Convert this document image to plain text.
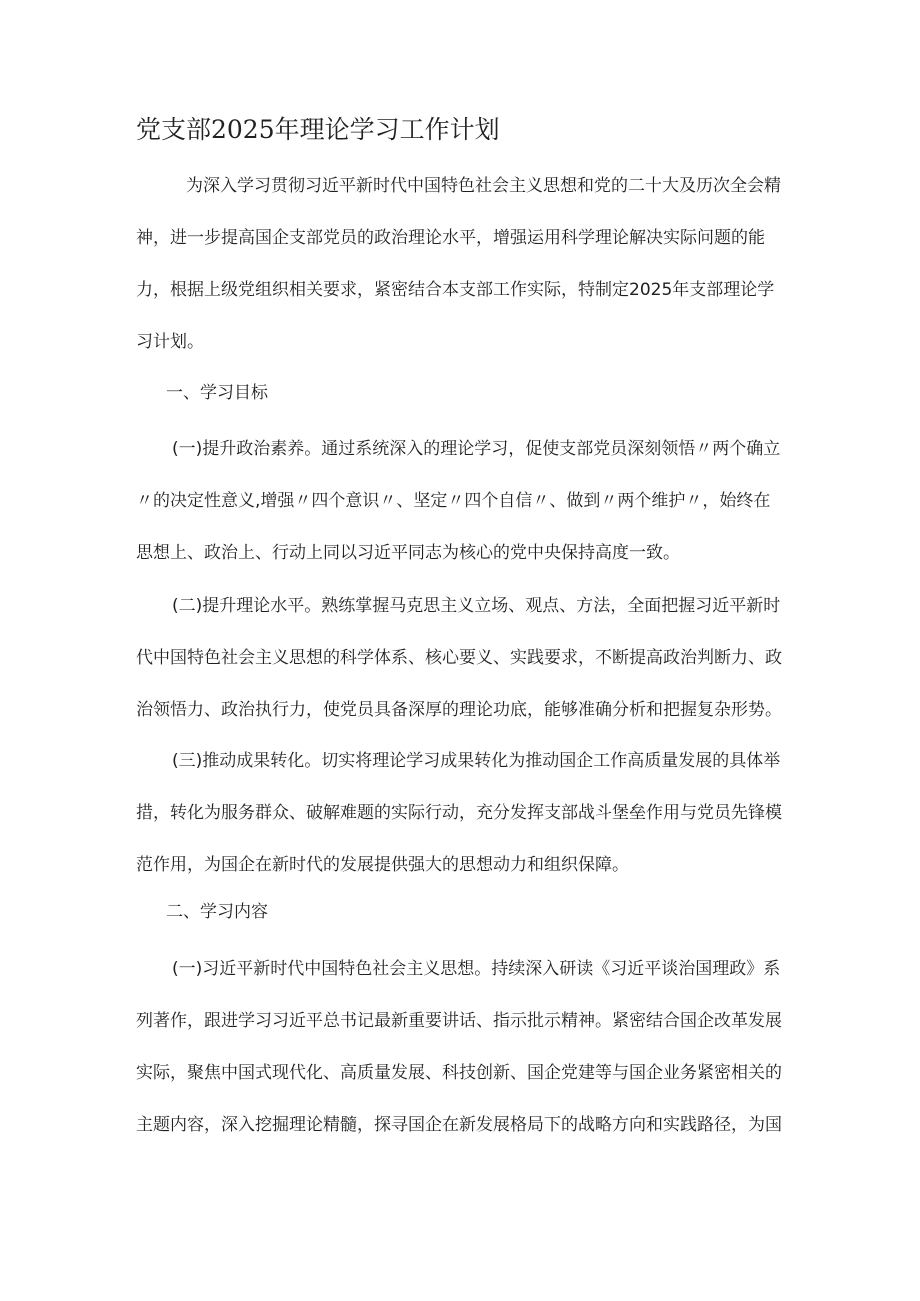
党支部2025年理论学习工作计划

为深入学习贯彻习近平新时代中国特色社会主义思想和党的二十大及历次全会精神，进一步提高国企支部党员的政治理论水平，增强运用科学理论解决实际问题的能力，根据上级党组织相关要求，紧密结合本支部工作实际，特制定2025年支部理论学习计划。

一、学习目标

(一)提升政治素养。通过系统深入的理论学习，促使支部党员深刻领悟〃两个确立〃的决定性意义,增强〃四个意识〃、坚定〃四个自信〃、做到〃两个维护〃，始终在思想上、政治上、行动上同以习近平同志为核心的党中央保持高度一致。

(二)提升理论水平。熟练掌握马克思主义立场、观点、方法，全面把握习近平新时代中国特色社会主义思想的科学体系、核心要义、实践要求，不断提高政治判断力、政治领悟力、政治执行力，使党员具备深厚的理论功底，能够准确分析和把握复杂形势。

(三)推动成果转化。切实将理论学习成果转化为推动国企工作高质量发展的具体举措，转化为服务群众、破解难题的实际行动，充分发挥支部战斗堡垒作用与党员先锋模范作用，为国企在新时代的发展提供强大的思想动力和组织保障。

二、学习内容

(一)习近平新时代中国特色社会主义思想。持续深入研读《习近平谈治国理政》系列著作，跟进学习习近平总书记最新重要讲话、指示批示精神。紧密结合国企改革发展实际，聚焦中国式现代化、高质量发展、科技创新、国企党建等与国企业务紧密相关的主题内容，深入挖掘理论精髓，探寻国企在新发展格局下的战略方向和实践路径，为国
